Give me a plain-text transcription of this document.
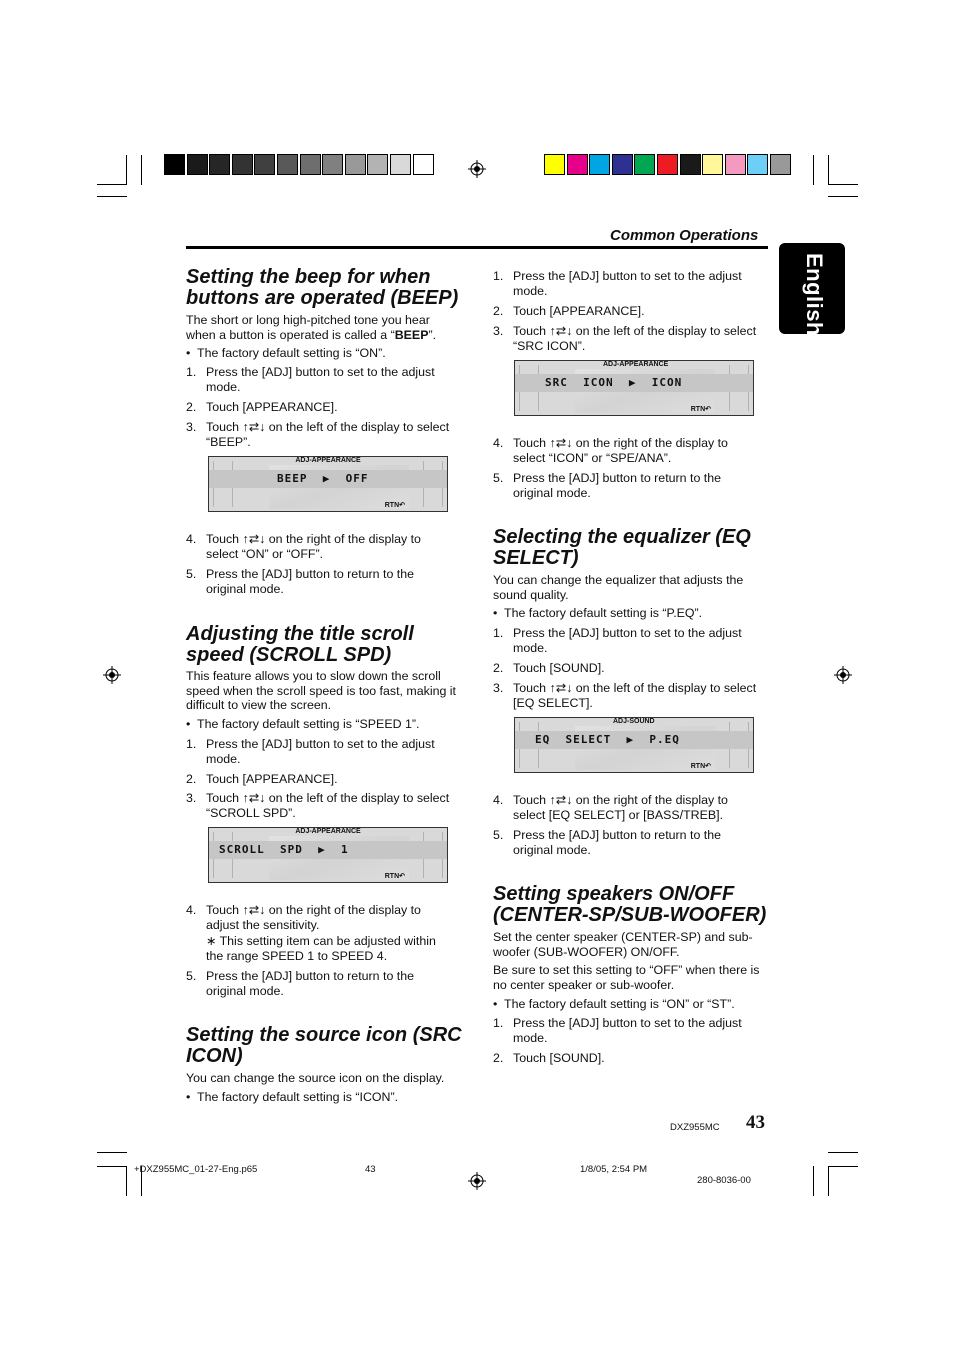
Common Operations
English
Setting the beep for when buttons are operated (BEEP)

The short or long high-pitched tone you hear when a button is operated is called a “BEEP”.

• The factory default setting is “ON”.
1. Press the [ADJ] button to set to the adjust mode.
2. Touch [APPEARANCE].
3. Touch ↑⇄↓ on the left of the display to select “BEEP”.
ADJ-APPEARANCE
BEEP  ▶  OFF
RTN↶
4. Touch ↑⇄↓ on the right of the display to select “ON” or “OFF”.
5. Press the [ADJ] button to return to the original mode.
Adjusting the title scroll speed (SCROLL SPD)

This feature allows you to slow down the scroll speed when the scroll speed is too fast, making it difficult to view the screen.

• The factory default setting is “SPEED 1”.
1. Press the [ADJ] button to set to the adjust mode.
2. Touch [APPEARANCE].
3. Touch ↑⇄↓ on the left of the display to select “SCROLL SPD”.
ADJ-APPEARANCE
SCROLL  SPD  ▶  1
RTN↶
4. Touch ↑⇄↓ on the right of the display to adjust the sensitivity.
∗ This setting item can be adjusted within the range SPEED 1 to SPEED 4.
5. Press the [ADJ] button to return to the original mode.
Setting the source icon (SRC ICON)

You can change the source icon on the display.

• The factory default setting is “ICON”.
1. Press the [ADJ] button to set to the adjust mode.
2. Touch [APPEARANCE].
3. Touch ↑⇄↓ on the left of the display to select “SRC ICON”.
ADJ-APPEARANCE
SRC  ICON  ▶  ICON
RTN↶
4. Touch ↑⇄↓ on the right of the display to select “ICON” or “SPE/ANA”.
5. Press the [ADJ] button to return to the original mode.
Selecting the equalizer (EQ SELECT)

You can change the equalizer that adjusts the sound quality.

• The factory default setting is “P.EQ”.
1. Press the [ADJ] button to set to the adjust mode.
2. Touch [SOUND].
3. Touch ↑⇄↓ on the left of the display to select [EQ SELECT].
ADJ-SOUND
EQ  SELECT  ▶  P.EQ
RTN↶
4. Touch ↑⇄↓ on the right of the display to select [EQ SELECT] or [BASS/TREB].
5. Press the [ADJ] button to return to the original mode.
Setting speakers ON/OFF (CENTER-SP/SUB-WOOFER)

Set the center speaker (CENTER-SP) and sub-woofer (SUB-WOOFER) ON/OFF.

Be sure to set this setting to “OFF” when there is no center speaker or sub-woofer.

• The factory default setting is “ON” or “ST”.
1. Press the [ADJ] button to set to the adjust mode.
2. Touch [SOUND].
DXZ955MC 43
+DXZ955MC_01-27-Eng.p65	43	1/8/05, 2:54 PM
280-8036-00
